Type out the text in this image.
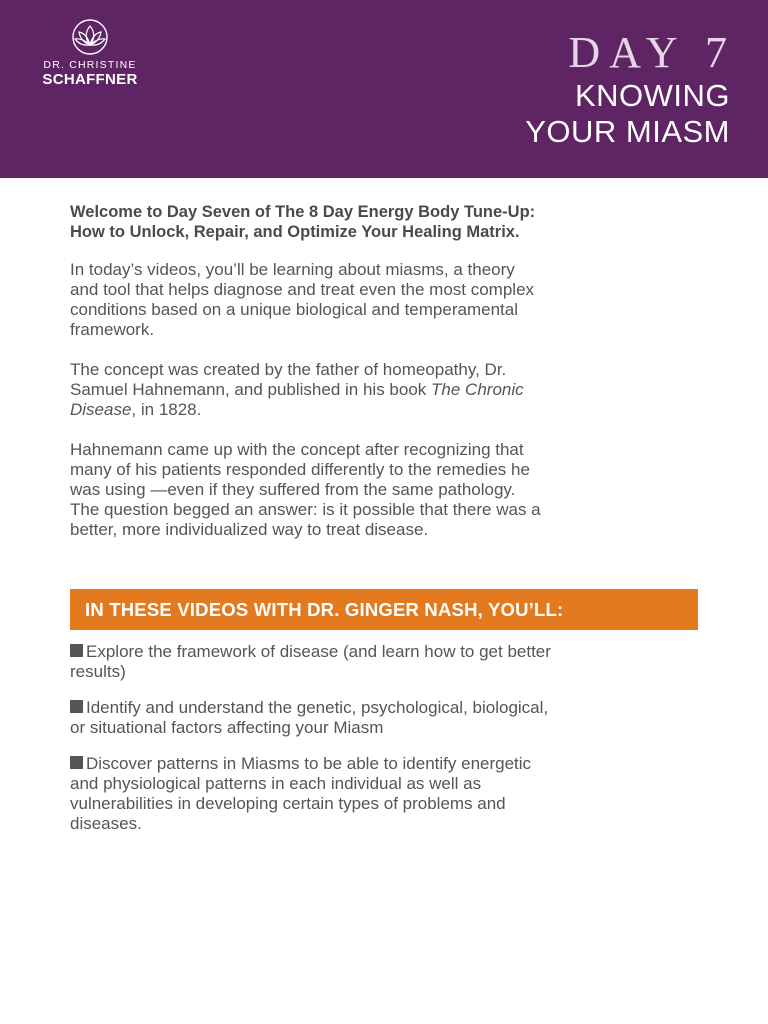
DR. CHRISTINE
SCHAFFNER
DAY 7
KNOWING
YOUR MIASM

Welcome to Day Seven of The 8 Day Energy Body Tune-Up:
How to Unlock, Repair, and Optimize Your Healing Matrix.

In today’s videos, you’ll be learning about miasms, a theory
and tool that helps diagnose and treat even the most complex
conditions based on a unique biological and temperamental
framework.

The concept was created by the father of homeopathy, Dr.
Samuel Hahnemann, and published in his book The Chronic
Disease, in 1828.

Hahnemann came up with the concept after recognizing that
many of his patients responded differently to the remedies he
was using —even if they suffered from the same pathology.
The question begged an answer: is it possible that there was a
better, more individualized way to treat disease.

IN THESE VIDEOS WITH DR. GINGER NASH, YOU’LL:

Explore the framework of disease (and learn how to get better
results)

Identify and understand the genetic, psychological, biological,
or situational factors affecting your Miasm

Discover patterns in Miasms to be able to identify energetic
and physiological patterns in each individual as well as
vulnerabilities in developing certain types of problems and
diseases.
